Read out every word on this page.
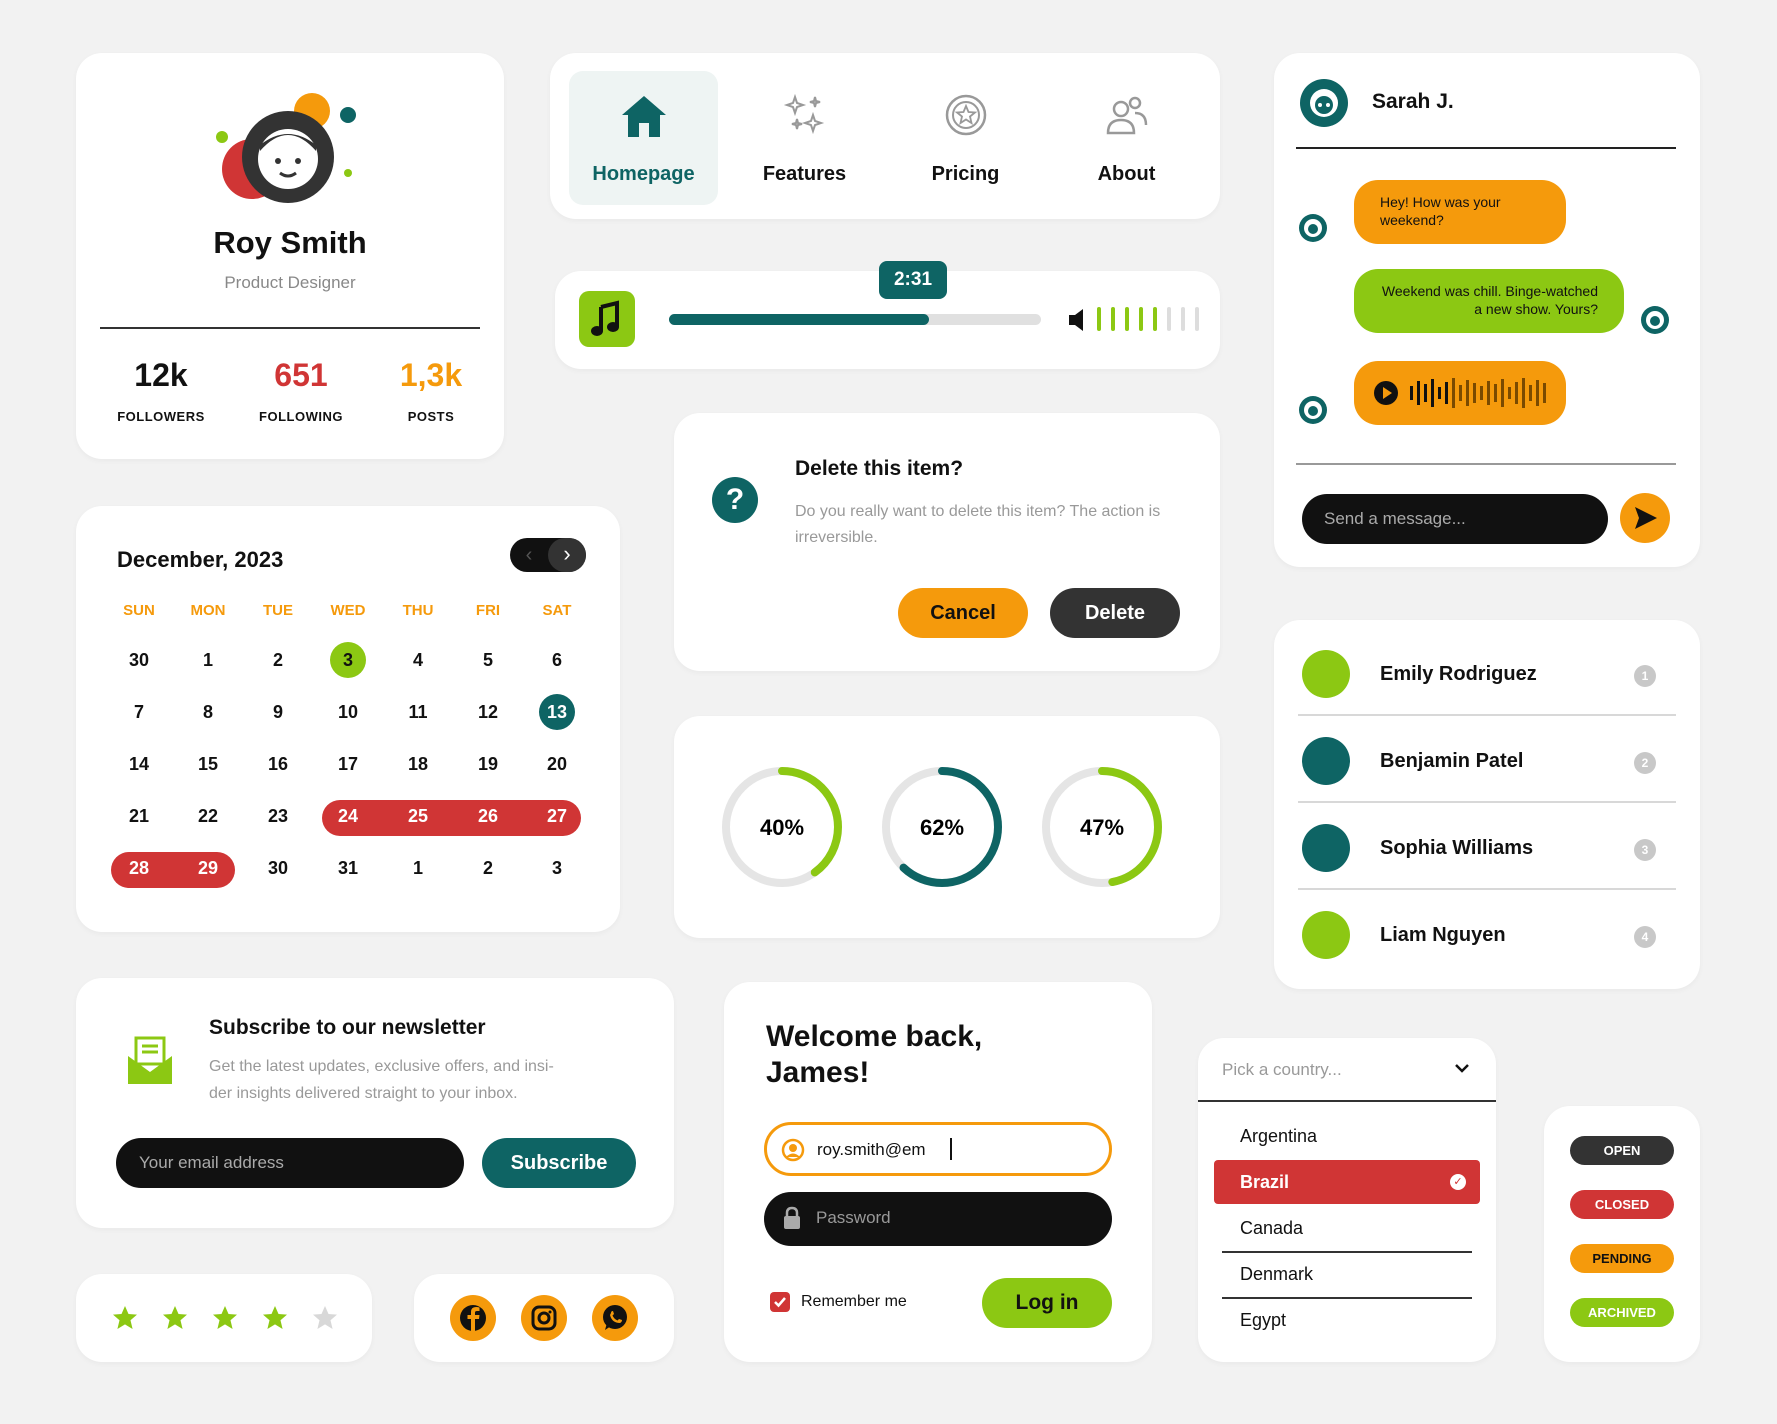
Roy Smith
Product Designer
12k
FOLLOWERS
651
FOLLOWING
1,3k
POSTS
Homepage	Features	Pricing	About
2:31
?
Delete this item?
Do you really want to delete this item? The action is irreversible.
Cancel	Delete
40%	62%	47%
December, 2023	‹	›
SUN	MON	TUE	WED	THU	FRI	SAT
30	1	2	3	4	5	6
7	8	9	10	11	12	13
14	15	16	17	18	19	20
21	22	23	24	25	26	27
28	29	30	31	1	2	3
Sarah J.
Hey! How was your weekend?
Weekend was chill. Binge-watched a new show. Yours?
Send a message...
Emily Rodriguez	1
Benjamin Patel	2
Sophia Williams	3
Liam Nguyen	4
Subscribe to our newsletter
Get the latest updates, exclusive offers, and insi-
der insights delivered straight to your inbox.
Your email address	Subscribe
Welcome back,
James!
roy.smith@em
Password
Remember me	Log in
Pick a country...
Argentina
Brazil	✓
Canada
Denmark
Egypt
OPEN
CLOSED
PENDING
ARCHIVED
